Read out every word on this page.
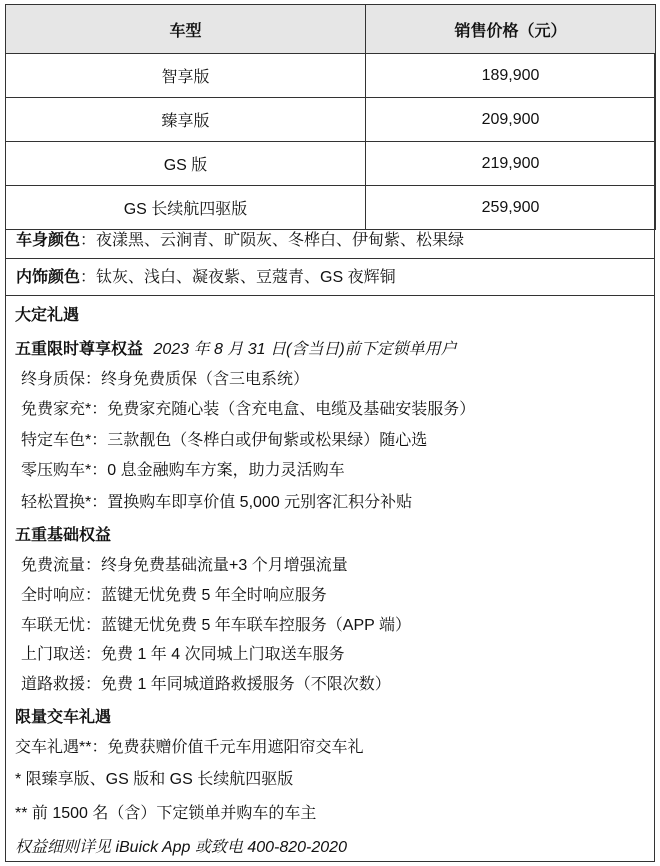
车型	销售价格（元）
智享版	189,900
臻享版	209,900
GS 版	219,900
GS 长续航四驱版	259,900
车身颜色：夜漾黑、云涧青、旷陨灰、冬桦白、伊甸紫、松果绿
内饰颜色：钛灰、浅白、凝夜紫、豆蔻青、GS 夜辉铜
大定礼遇
五重限时尊享权益 2023 年 8 月 31 日(含当日)前下定锁单用户
终身质保：终身免费质保（含三电系统）
免费家充*：免费家充随心装（含充电盒、电缆及基础安装服务）
特定车色*：三款靓色（冬桦白或伊甸紫或松果绿）随心选
零压购车*：0 息金融购车方案，助力灵活购车
轻松置换*：置换购车即享价值 5,000 元别客汇积分补贴
五重基础权益
免费流量：终身免费基础流量+3 个月增强流量
全时响应：蓝键无忧免费 5 年全时响应服务
车联无忧：蓝键无忧免费 5 年车联车控服务（APP 端）
上门取送：免费 1 年 4 次同城上门取送车服务
道路救援：免费 1 年同城道路救援服务（不限次数）
限量交车礼遇
交车礼遇**：免费获赠价值千元车用遮阳帘交车礼
* 限臻享版、GS 版和 GS 长续航四驱版
** 前 1500 名（含）下定锁单并购车的车主
权益细则详见 iBuick App 或致电 400-820-2020
